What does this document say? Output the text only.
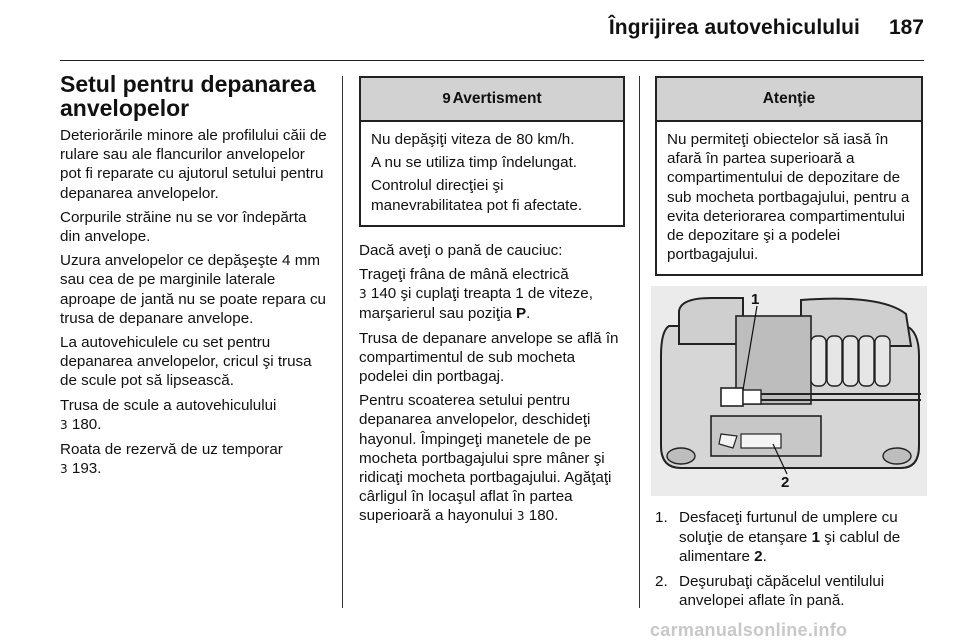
Îngrijirea autovehiculului	187
Setul pentru depanarea anvelopelor

Deteriorările minore ale profilului căii de rulare sau ale flancurilor anvelopelor pot fi reparate cu ajutorul setului pentru depanarea anvelopelor.

Corpurile străine nu se vor îndepărta din anvelope.

Uzura anvelopelor ce depăşeşte 4 mm sau cea de pe marginile laterale aproape de jantă nu se poate repara cu trusa de depanare anvelope.

La autovehiculele cu set pentru depanarea anvelopelor, cricul şi trusa de scule pot să lipsească.

Trusa de scule a autovehiculului
3 180.

Roata de rezervă de uz temporar
3 193.

9 Avertisment

Nu depăşiţi viteza de 80 km/h.

A nu se utiliza timp îndelungat.

Controlul direcţiei şi manevrabilitatea pot fi afectate.

Dacă aveţi o pană de cauciuc:

Trageţi frâna de mână electrică
3 140 şi cuplaţi treapta 1 de viteze, marşarierul sau poziţia P.

Trusa de depanare anvelope se află în compartimentul de sub mocheta podelei din portbagaj.

Pentru scoaterea setului pentru depanarea anvelopelor, deschideţi hayonul. Împingeţi manetele de pe mocheta portbagajului spre mâner şi ridicaţi mocheta portbagajului. Agăţaţi cârligul în locaşul aflat în partea superioară a hayonului 3 180.

Atenţie

Nu permiteţi obiectelor să iasă în afară în partea superioară a compartimentului de depozitare de sub mocheta portbagajului, pentru a evita deteriorarea compartimentului de depozitare şi a podelei portbagajului.

1
2
1. Desfaceţi furtunul de umplere cu soluţie de etanşare 1 şi cablul de alimentare 2.
2. Deşurubaţi căpăcelul ventilului anvelopei aflate în pană.
carmanualsonline.info
